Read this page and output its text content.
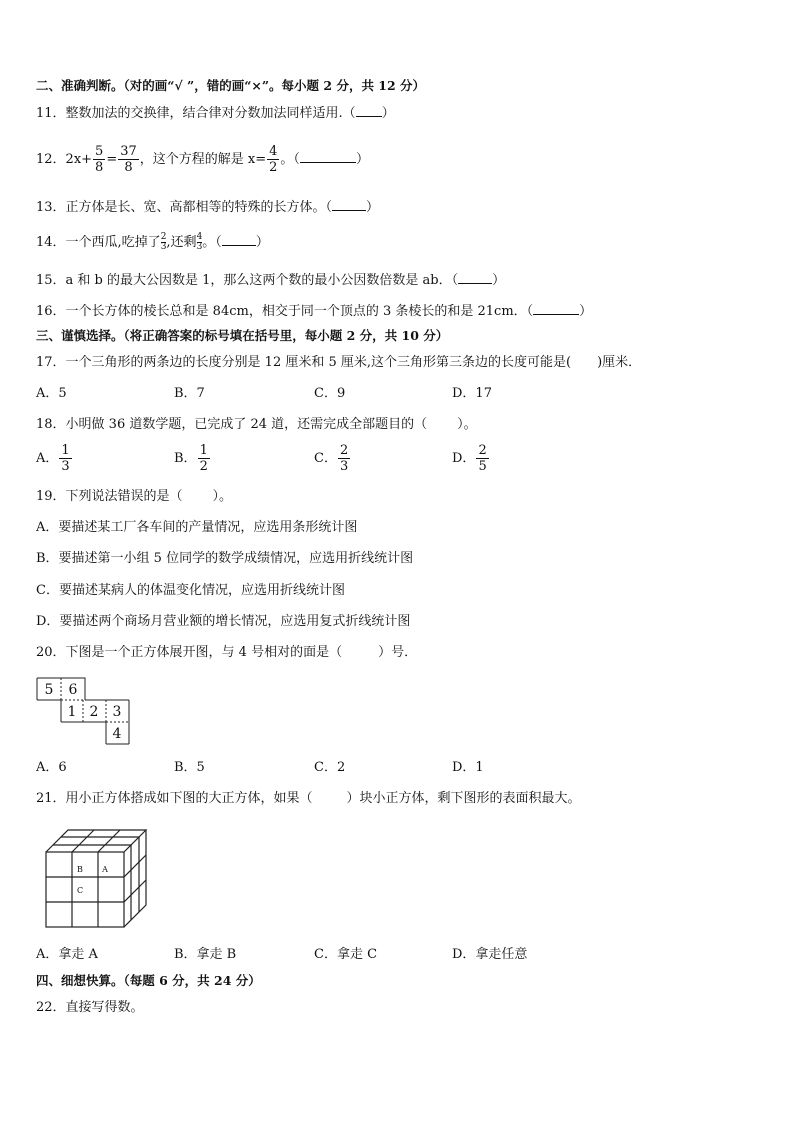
二、准确判断。（对的画“√ ”，错的画“×”。每小题 2 分，共 12 分）
11．整数加法的交换律，结合律对分数加法同样适用.（ ）
12．$2x+ \frac{5}{8} = \frac{37}{8}$ ，这个方程的解是 $x= \frac{4}{2}$ 。（	）
13．正方体是长、宽、高都相等的特殊的长方体。（	）
14．一个西瓜,吃掉了 $\frac{2}{3}$ ,还剩 $\frac{4}{3}$ 。（	）
15．a 和 b 的最大公因数是 1，那么这两个数的最小公因数倍数是 ab．（	）
16．一个长方体的棱长总和是 84cm，相交于同一个顶点的 3 条棱长的和是 21cm．（	）
三、谨慎选择。（将正确答案的标号填在括号里，每小题 2 分，共 10 分）
17．一个三角形的两条边的长度分别是 12 厘米和 5 厘米,这个三角形第三条边的长度可能是( )厘米．
A．5	B．7	C．9	D．17
18．小明做 36 道数学题，已完成了 24 道，还需完成全部题目的（ ）。
A． $\frac{1}{3}$	B． $\frac{1}{2}$	C． $\frac{2}{3}$	D． $\frac{2}{5}$
19．下列说法错误的是（ ）。
A．要描述某工厂各车间的产量情况，应选用条形统计图
B．要描述第一小组 5 位同学的数学成绩情况，应选用折线统计图
C．要描述某病人的体温变化情况，应选用折线统计图
D．要描述两个商场月营业额的增长情况，应选用复式折线统计图
20．下图是一个正方体展开图，与 4 号相对的面是（	）号．
5 6
1 2 3
4
A．6	B．5	C．2	D．1
21．用小正方体搭成如下图的大正方体，如果（	）块小正方体，剩下图形的表面积最大。
B A
C
A．拿走 A	B．拿走 B	C．拿走 C	D．拿走任意
四、细想快算。（每题 6 分，共 24 分）
22．直接写得数。
